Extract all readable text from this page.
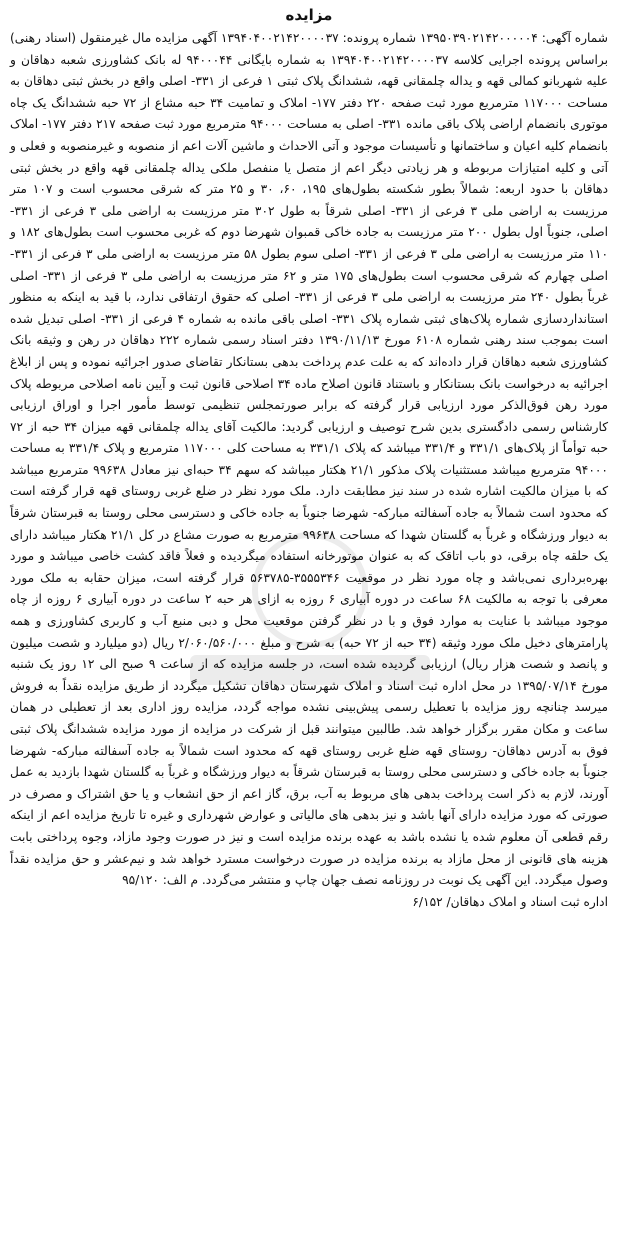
مزایده

شماره آگهی: ۱۳۹۵۰۳۹۰۲۱۴۲۰۰۰۰۰۴ شماره پرونده: ۱۳۹۴۰۴۰۰۲۱۴۲۰۰۰۰۳۷ آگهی مزایده مال غیرمنقول (اسناد رهنی) براساس پرونده اجرایی کلاسه ۱۳۹۴۰۴۰۰۲۱۴۲۰۰۰۰۳۷ به شماره بایگانی ۹۴۰۰۰۴۴ له بانک کشاورزی شعبه دهاقان و علیه شهربانو کمالی قهه و یداله چلمقانی قهه، ششدانگ پلاک ثبتی ۱ فرعی از ۳۳۱- اصلی واقع در بخش ثبتی دهاقان به مساحت ۱۱۷۰۰۰ مترمربع مورد ثبت صفحه ۲۲۰ دفتر ۱۷۷- املاک و تمامیت ۳۴ حبه مشاع از ۷۲ حبه ششدانگ یک چاه موتوری بانضمام اراضی پلاک باقی مانده ۳۳۱- اصلی به مساحت ۹۴۰۰۰ مترمربع مورد ثبت صفحه ۲۱۷ دفتر ۱۷۷- املاک بانضمام کلیه اعیان و ساختمانها و تأسیسات موجود و آتی الاحداث و ماشین آلات اعم از منصوبه و غیرمنصوبه و فعلی و آتی و کلیه امتیازات مربوطه و هر زیادتی دیگر اعم از متصل یا منفصل ملکی یداله چلمقانی قهه واقع در بخش ثبتی دهاقان با حدود اربعه: شمالاً بطور شکسته بطول‌های ۱۹۵، ۶۰، ۳۰ و ۲۵ متر که شرقی محسوب است و ۱۰۷ متر مرزیست به اراضی ملی ۳ فرعی از ۳۳۱- اصلی شرقاً به طول ۳۰۲ متر مرزیست به اراضی ملی ۳ فرعی از ۳۳۱- اصلی، جنوباً اول بطول ۲۰۰ متر مرزیست به جاده خاکی قمبوان شهرضا دوم که غربی محسوب است بطول‌های ۱۸۲ و ۱۱۰ متر مرزیست به اراضی ملی ۳ فرعی از ۳۳۱- اصلی سوم بطول ۵۸ متر مرزیست به اراضی ملی ۳ فرعی از ۳۳۱- اصلی چهارم که شرقی محسوب است بطول‌های ۱۷۵ متر و ۶۲ متر مرزیست به اراضی ملی ۳ فرعی از ۳۳۱- اصلی غرباً بطول ۲۴۰ متر مرزیست به اراضی ملی ۳ فرعی از ۳۳۱- اصلی که حقوق ارتفاقی ندارد، با قید به اینکه به منظور استانداردسازی شماره پلاک‌های ثبتی شماره پلاک ۳۳۱- اصلی باقی مانده به شماره ۴ فرعی از ۳۳۱- اصلی تبدیل شده است بموجب سند رهنی شماره ۶۱۰۸ مورخ ۱۳۹۰/۱۱/۱۳ دفتر اسناد رسمی شماره ۲۲۲ دهاقان در رهن و وثیقه بانک کشاورزی شعبه دهاقان قرار داده‌اند که به علت عدم پرداخت بدهی بستانکار تقاضای صدور اجرائیه نموده و پس از ابلاغ اجرائیه به درخواست بانک بستانکار و باستناد قانون اصلاح ماده ۳۴ اصلاحی قانون ثبت و آیین نامه اصلاحی مربوطه پلاک مورد رهن فوق‌الذکر مورد ارزیابی قرار گرفته که برابر صورتمجلس تنظیمی توسط مأمور اجرا و اوراق ارزیابی کارشناس رسمی دادگستری بدین شرح توصیف و ارزیابی گردید: مالکیت آقای یداله چلمقانی قهه میزان ۳۴ حبه از ۷۲ حبه توأماً از پلاک‌های ۳۳۱/۱ و ۳۳۱/۴ میباشد که پلاک ۳۳۱/۱ به مساحت کلی ۱۱۷۰۰۰ مترمربع و پلاک ۳۳۱/۴ به مساحت ۹۴۰۰۰ مترمربع میباشد مستثنیات پلاک مذکور ۲۱/۱ هکتار میباشد که سهم ۳۴ حبه‌ای نیز معادل ۹۹۶۳۸ مترمربع میباشد که با میزان مالکیت اشاره شده در سند نیز مطابقت دارد. ملک مورد نظر در ضلع غربی روستای قهه قرار گرفته است که محدود است شمالاً به جاده آسفالته مبارکه- شهرضا جنوباً به جاده خاکی و دسترسی محلی روستا به قبرستان شرقاً به دیوار ورزشگاه و غرباً به گلستان شهدا که مساحت ۹۹۶۳۸ مترمربع به صورت مشاع در کل ۲۱/۱ هکتار میباشد دارای یک حلقه چاه برقی، دو باب اتاقک که به عنوان موتورخانه استفاده میگردیده و فعلاً فاقد کشت خاصی میباشد و مورد بهره‌برداری نمی‌باشد و چاه مورد نظر در موقعیت ۳۵۵۵۳۴۶-۵۶۳۷۸۵ قرار گرفته است، میزان حقابه به ملک مورد معرفی با توجه به مالکیت ۶۸ ساعت در دوره آبیاری ۶ روزه به ازای هر حبه ۲ ساعت در دوره آبیاری ۶ روزه از چاه موجود میباشد با عنایت به موارد فوق و با در نظر گرفتن موقعیت محل و دبی منبع آب و کاربری کشاورزی و همه پارامترهای دخیل ملک مورد وثیقه (۳۴ حبه از ۷۲ حبه) به شرح و مبلغ ۲/۰۶۰/۵۶۰/۰۰۰ ریال (دو میلیارد و شصت میلیون و پانصد و شصت هزار ریال) ارزیابی گردیده شده است، در جلسه مزایده که از ساعت ۹ صبح الی ۱۲ روز یک شنبه مورخ ۱۳۹۵/۰۷/۱۴ در محل اداره ثبت اسناد و املاک شهرستان دهاقان تشکیل میگردد از طریق مزایده نقداً به فروش میرسد چنانچه روز مزایده با تعطیل رسمی پیش‌بینی نشده مواجه گردد، مزایده روز اداری بعد از تعطیلی در همان ساعت و مکان مقرر برگزار خواهد شد. طالبین میتوانند قبل از شرکت در مزایده از مورد مزایده ششدانگ پلاک ثبتی فوق به آدرس دهاقان- روستای قهه ضلع غربی روستای قهه که محدود است شمالاً به جاده آسفالته مبارکه- شهرضا جنوباً به جاده خاکی و دسترسی محلی روستا به قبرستان شرقاً به دیوار ورزشگاه و غرباً به گلستان شهدا بازدید به عمل آورند، لازم به ذکر است پرداخت بدهی های مربوط به آب، برق، گاز اعم از حق انشعاب و یا حق اشتراک و مصرف در صورتی که مورد مزایده دارای آنها باشد و نیز بدهی های مالیاتی و عوارض شهرداری و غیره تا تاریخ مزایده اعم از اینکه رقم قطعی آن معلوم شده یا نشده باشد به عهده برنده مزایده است و نیز در صورت وجود مازاد، وجوه پرداختی بابت هزینه های قانونی از محل مازاد به برنده مزایده در صورت درخواست مسترد خواهد شد و نیم‌عشر و حق مزایده نقداً وصول میگردد. این آگهی یک نوبت در روزنامه نصف جهان چاپ و منتشر می‌گردد. م الف: ۹۵/۱۲۰

اداره ثبت اسناد و املاک دهاقان/ ۶/۱۵۲
